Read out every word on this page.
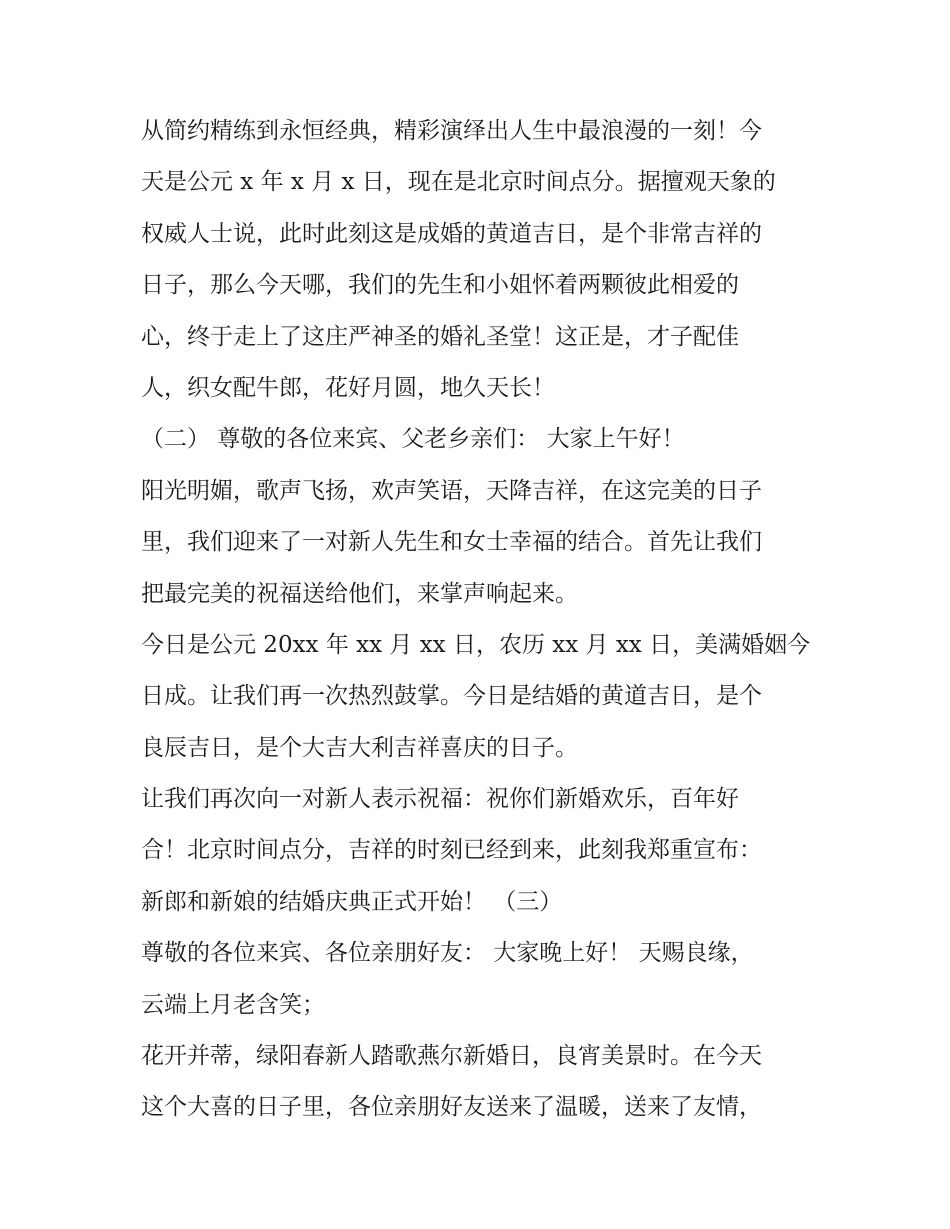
从简约精练到永恒经典，精彩演绎出人生中最浪漫的一刻！今
天是公元 x 年 x 月 x 日，现在是北京时间点分。据擅观天象的
权威人士说，此时此刻这是成婚的黄道吉日，是个非常吉祥的
日子，那么今天哪，我们的先生和小姐怀着两颗彼此相爱的
心，终于走上了这庄严神圣的婚礼圣堂！这正是，才子配佳
人，织女配牛郎，花好月圆，地久天长！
（二） 尊敬的各位来宾、父老乡亲们： 大家上午好！
阳光明媚，歌声飞扬，欢声笑语，天降吉祥，在这完美的日子
里，我们迎来了一对新人先生和女士幸福的结合。首先让我们
把最完美的祝福送给他们，来掌声响起来。
今日是公元 20xx 年 xx 月 xx 日，农历 xx 月 xx 日，美满婚姻今
日成。让我们再一次热烈鼓掌。今日是结婚的黄道吉日，是个
良辰吉日，是个大吉大利吉祥喜庆的日子。
让我们再次向一对新人表示祝福：祝你们新婚欢乐，百年好
合！北京时间点分，吉祥的时刻已经到来，此刻我郑重宣布：
新郎和新娘的结婚庆典正式开始！ （三）
尊敬的各位来宾、各位亲朋好友： 大家晚上好！ 天赐良缘，
云端上月老含笑；
花开并蒂，绿阳春新人踏歌燕尔新婚日，良宵美景时。在今天
这个大喜的日子里，各位亲朋好友送来了温暖，送来了友情，
